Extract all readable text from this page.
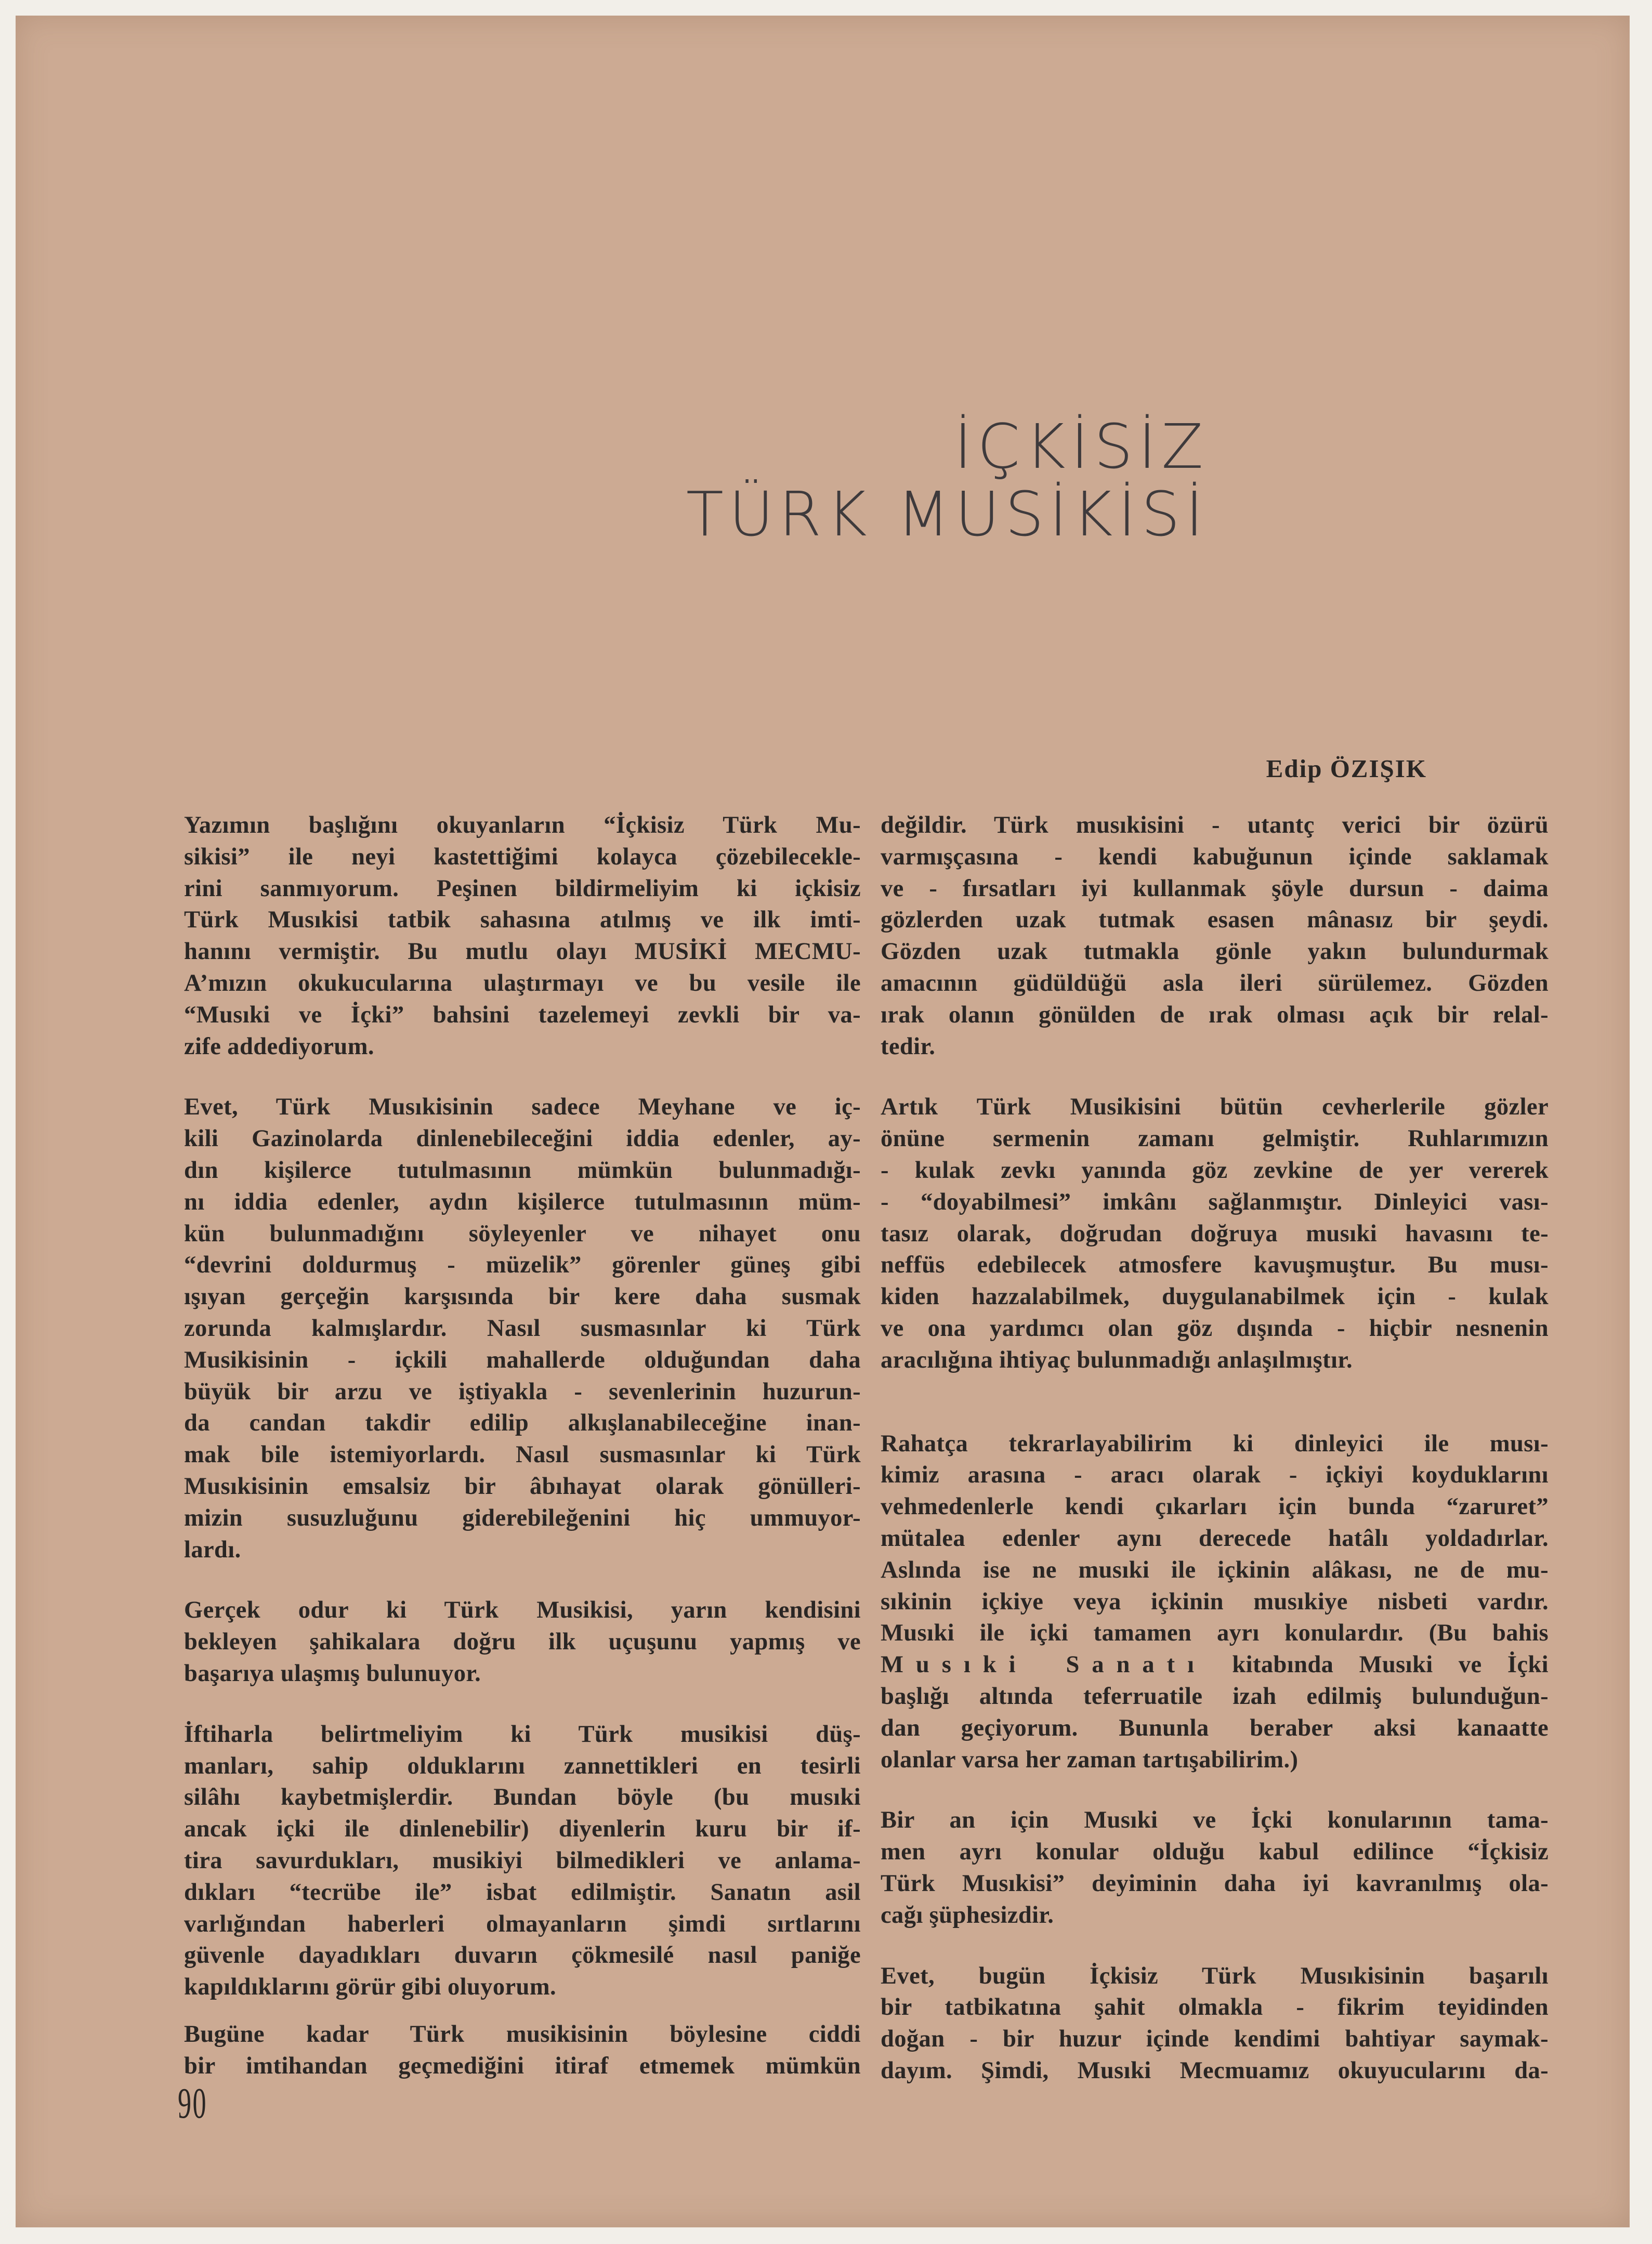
İÇKİSİZ
TÜRK MUSİKİSİ
Edip ÖZIŞIK

Yazımın başlığını okuyanların “İçkisiz Türk Mu-
sikisi” ile neyi kastettiğimi kolayca çözebilecekle-
rini sanmıyorum. Peşinen bildirmeliyim ki içkisiz
Türk Musıkisi tatbik sahasına atılmış ve ilk imti-
hanını vermiştir. Bu mutlu olayı MUSİKİ MECMU-
A’mızın okukucularına ulaştırmayı ve bu vesile ile
“Musıki ve İçki” bahsini tazelemeyi zevkli bir va-
zife addediyorum.

Evet, Türk Musıkisinin sadece Meyhane ve iç-
kili Gazinolarda dinlenebileceğini iddia edenler, ay-
dın kişilerce tutulmasının mümkün bulunmadığı-
nı iddia edenler, aydın kişilerce tutulmasının müm-
kün bulunmadığını söyleyenler ve nihayet onu
“devrini doldurmuş - müzelik” görenler güneş gibi
ışıyan gerçeğin karşısında bir kere daha susmak
zorunda kalmışlardır. Nasıl susmasınlar ki Türk
Musikisinin - içkili mahallerde olduğundan daha
büyük bir arzu ve iştiyakla - sevenlerinin huzurun-
da candan takdir edilip alkışlanabileceğine inan-
mak bile istemiyorlardı. Nasıl susmasınlar ki Türk
Musıkisinin emsalsiz bir âbıhayat olarak gönülleri-
mizin susuzluğunu giderebileğenini hiç ummuyor-
lardı.

Gerçek odur ki Türk Musikisi, yarın kendisini
bekleyen şahikalara doğru ilk uçuşunu yapmış ve
başarıya ulaşmış bulunuyor.

İftiharla belirtmeliyim ki Türk musikisi düş-
manları, sahip olduklarını zannettikleri en tesirli
silâhı kaybetmişlerdir. Bundan böyle (bu musıki
ancak içki ile dinlenebilir) diyenlerin kuru bir if-
tira savurdukları, musikiyi bilmedikleri ve anlama-
dıkları “tecrübe ile” isbat edilmiştir. Sanatın asil
varlığından haberleri olmayanların şimdi sırtlarını
güvenle dayadıkları duvarın çökmesilé nasıl paniğe
kapıldıklarını görür gibi oluyorum.

Bugüne kadar Türk musikisinin böylesine ciddi
bir imtihandan geçmediğini itiraf etmemek mümkün

değildir. Türk musıkisini - utantç verici bir özürü
varmışçasına - kendi kabuğunun içinde saklamak
ve - fırsatları iyi kullanmak şöyle dursun - daima
gözlerden uzak tutmak esasen mânasız bir şeydi.
Gözden uzak tutmakla gönle yakın bulundurmak
amacının güdüldüğü asla ileri sürülemez. Gözden
ırak olanın gönülden de ırak olması açık bir relal-
tedir.

Artık Türk Musikisini bütün cevherlerile gözler
önüne sermenin zamanı gelmiştir. Ruhlarımızın
- kulak zevkı yanında göz zevkine de yer vererek
- “doyabilmesi” imkânı sağlanmıştır. Dinleyici vası-
tasız olarak, doğrudan doğruya musıki havasını te-
neffüs edebilecek atmosfere kavuşmuştur. Bu musı-
kiden hazzalabilmek, duygulanabilmek için - kulak
ve ona yardımcı olan göz dışında - hiçbir nesnenin
aracılığına ihtiyaç bulunmadığı anlaşılmıştır.

Rahatça tekrarlayabilirim ki dinleyici ile musı-
kimiz arasına - aracı olarak - içkiyi koyduklarını
vehmedenlerle kendi çıkarları için bunda “zaruret”
mütalea edenler aynı derecede hatâlı yoldadırlar.
Aslında ise ne musıki ile içkinin alâkası, ne de mu-
sıkinin içkiye veya içkinin musıkiye nisbeti vardır.
Musıki ile içki tamamen ayrı konulardır. (Bu bahis
Musıki Sanatı kitabında Musıki ve İçki
başlığı altında teferruatile izah edilmiş bulunduğun-
dan geçiyorum. Bununla beraber aksi kanaatte
olanlar varsa her zaman tartışabilirim.)

Bir an için Musıki ve İçki konularının tama-
men ayrı konular olduğu kabul edilince “İçkisiz
Türk Musıkisi” deyiminin daha iyi kavranılmış ola-
cağı şüphesizdir.

Evet, bugün İçkisiz Türk Musıkisinin başarılı
bir tatbikatına şahit olmakla - fikrim teyidinden
doğan - bir huzur içinde kendimi bahtiyar saymak-
dayım. Şimdi, Musıki Mecmuamız okuyucularını da-

90
